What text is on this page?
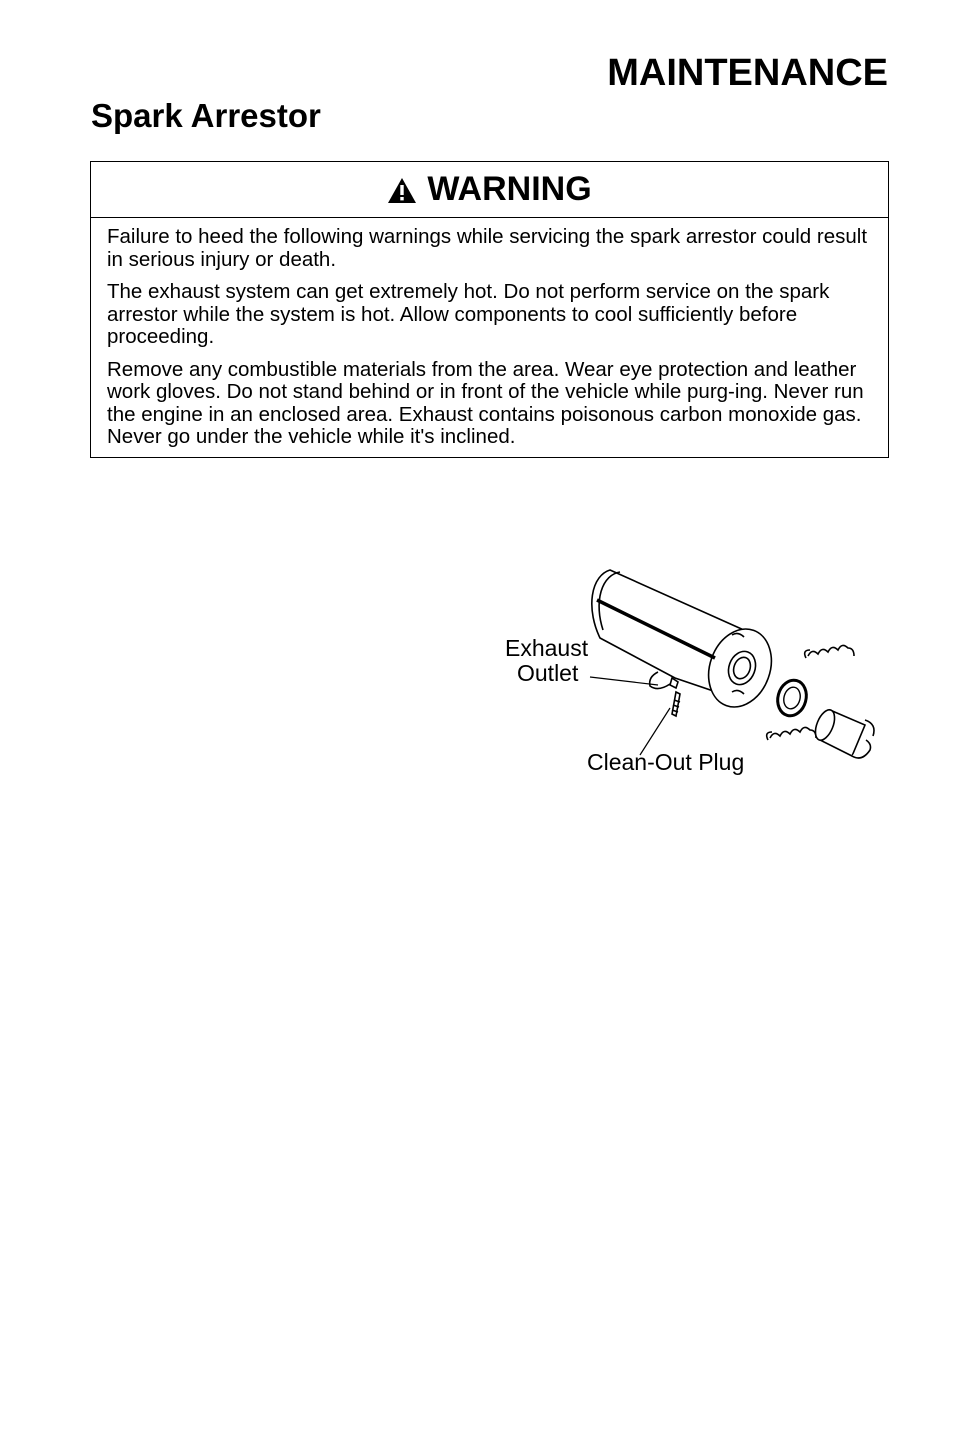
MAINTENANCE
Spark Arrestor
WARNING

Failure to heed the following warnings while servicing the spark arrestor could result in serious injury or death.

The exhaust system can get extremely hot. Do not perform service on the spark arrestor while the system is hot. Allow components to cool sufficiently before proceeding.

Remove any combustible materials from the area. Wear eye protection and leather work gloves. Do not stand behind or in front of the vehicle while purg-ing. Never run the engine in an enclosed area. Exhaust contains poisonous carbon monoxide gas. Never go under the vehicle while it's inclined.

Exhaust

Outlet

Clean-Out Plug
